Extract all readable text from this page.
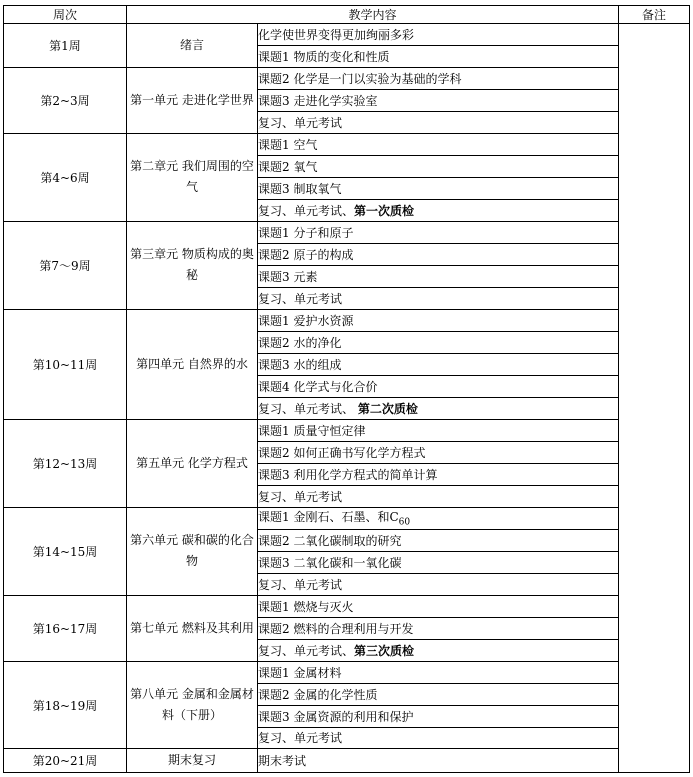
周次	教学内容		备注
第1周	绪言	化学使世界变得更加绚丽多彩	
		课题1 物质的变化和性质	
第2~3周	第一单元 走进化学世界	课题2 化学是一门以实验为基础的学科	
		课题3 走进化学实验室	
		复习、单元考试	
第4~6周	第二章元 我们周围的空气	课题1 空气	
		课题2 氧气	
		课题3 制取氧气	
		复习、单元考试、第一次质检	
第7～9周	第三章元 物质构成的奥秘	课题1 分子和原子	
		课题2 原子的构成	
		课题3 元素	
		复习、单元考试	
第10~11周	第四单元 自然界的水	课题1 爱护水资源	
		课题2 水的净化	
		课题3 水的组成	
		课题4 化学式与化合价	
		复习、单元考试、 第二次质检	
第12~13周	第五单元 化学方程式	课题1 质量守恒定律	
		课题2 如何正确书写化学方程式	
		课题3 利用化学方程式的简单计算	
		复习、单元考试	
第14~15周	第六单元 碳和碳的化合物	课题1 金刚石、石墨、和$C_{60}$
		课题2 二氧化碳制取的研究	
		课题3 二氧化碳和一氧化碳	
		复习、单元考试	
第16~17周	第七单元 燃料及其利用	课题1 燃烧与灭火	
		课题2 燃料的合理利用与开发	
		复习、单元考试、第三次质检	
第18~19周	第八单元 金属和金属材料（下册）	课题1 金属材料	
		课题2 金属的化学性质	
		课题3 金属资源的利用和保护	
		复习、单元考试	
第20~21周	期末复习	期末考试	
